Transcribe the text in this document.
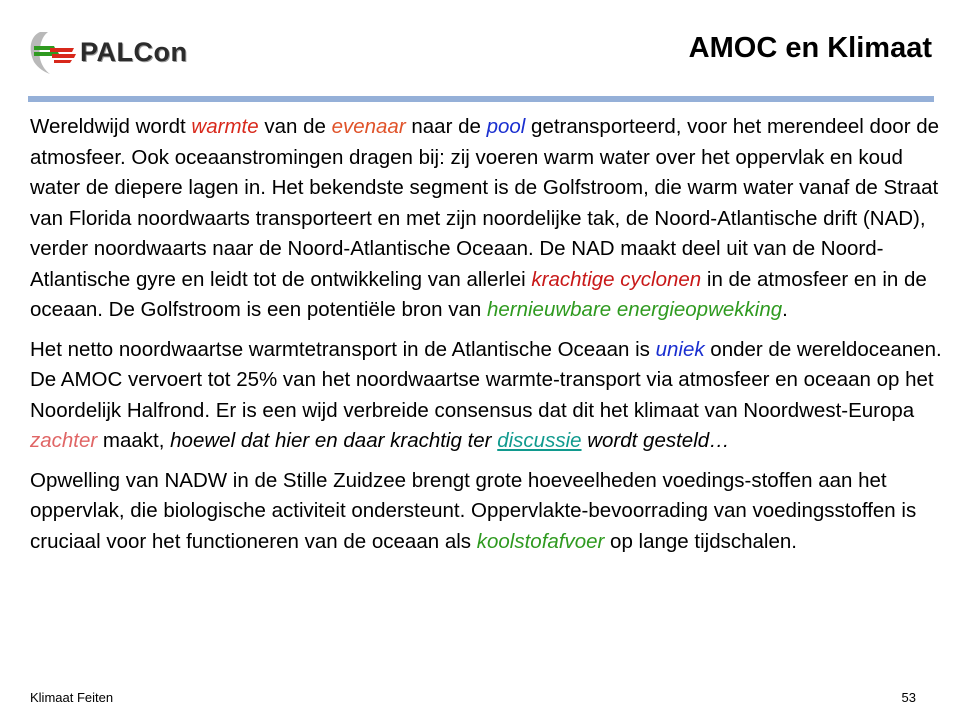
PALCon	AMOC en Klimaat

Wereldwijd wordt warmte van de evenaar naar de pool getransporteerd, voor het merendeel door de atmosfeer. Ook oceaanstromingen dragen bij: zij voeren warm water over het oppervlak en koud water de diepere lagen in. Het bekendste segment is de Golfstroom, die warm water vanaf de Straat van Florida noordwaarts transporteert en met zijn noordelijke tak, de Noord-Atlantische drift (NAD), verder noordwaarts naar de Noord-Atlantische Oceaan. De NAD maakt deel uit van de Noord-Atlantische gyre en leidt tot de ontwikkeling van allerlei krachtige cyclonen in de atmosfeer en in de oceaan. De Golfstroom is een potentiële bron van hernieuwbare energieopwekking.

Het netto noordwaartse warmtetransport in de Atlantische Oceaan is uniek onder de wereldoceanen. De AMOC vervoert tot 25% van het noordwaartse warmte-transport via atmosfeer en oceaan op het Noordelijk Halfrond. Er is een wijd verbreide consensus dat dit het klimaat van Noordwest-Europa zachter maakt, hoewel dat hier en daar krachtig ter discussie wordt gesteld…

Opwelling van NADW in de Stille Zuidzee brengt grote hoeveelheden voedings-stoffen aan het oppervlak, die biologische activiteit ondersteunt. Oppervlakte-bevoorrading van voedingsstoffen is cruciaal voor het functioneren van de oceaan als koolstofafvoer op lange tijdschalen.

Klimaat Feiten	53
